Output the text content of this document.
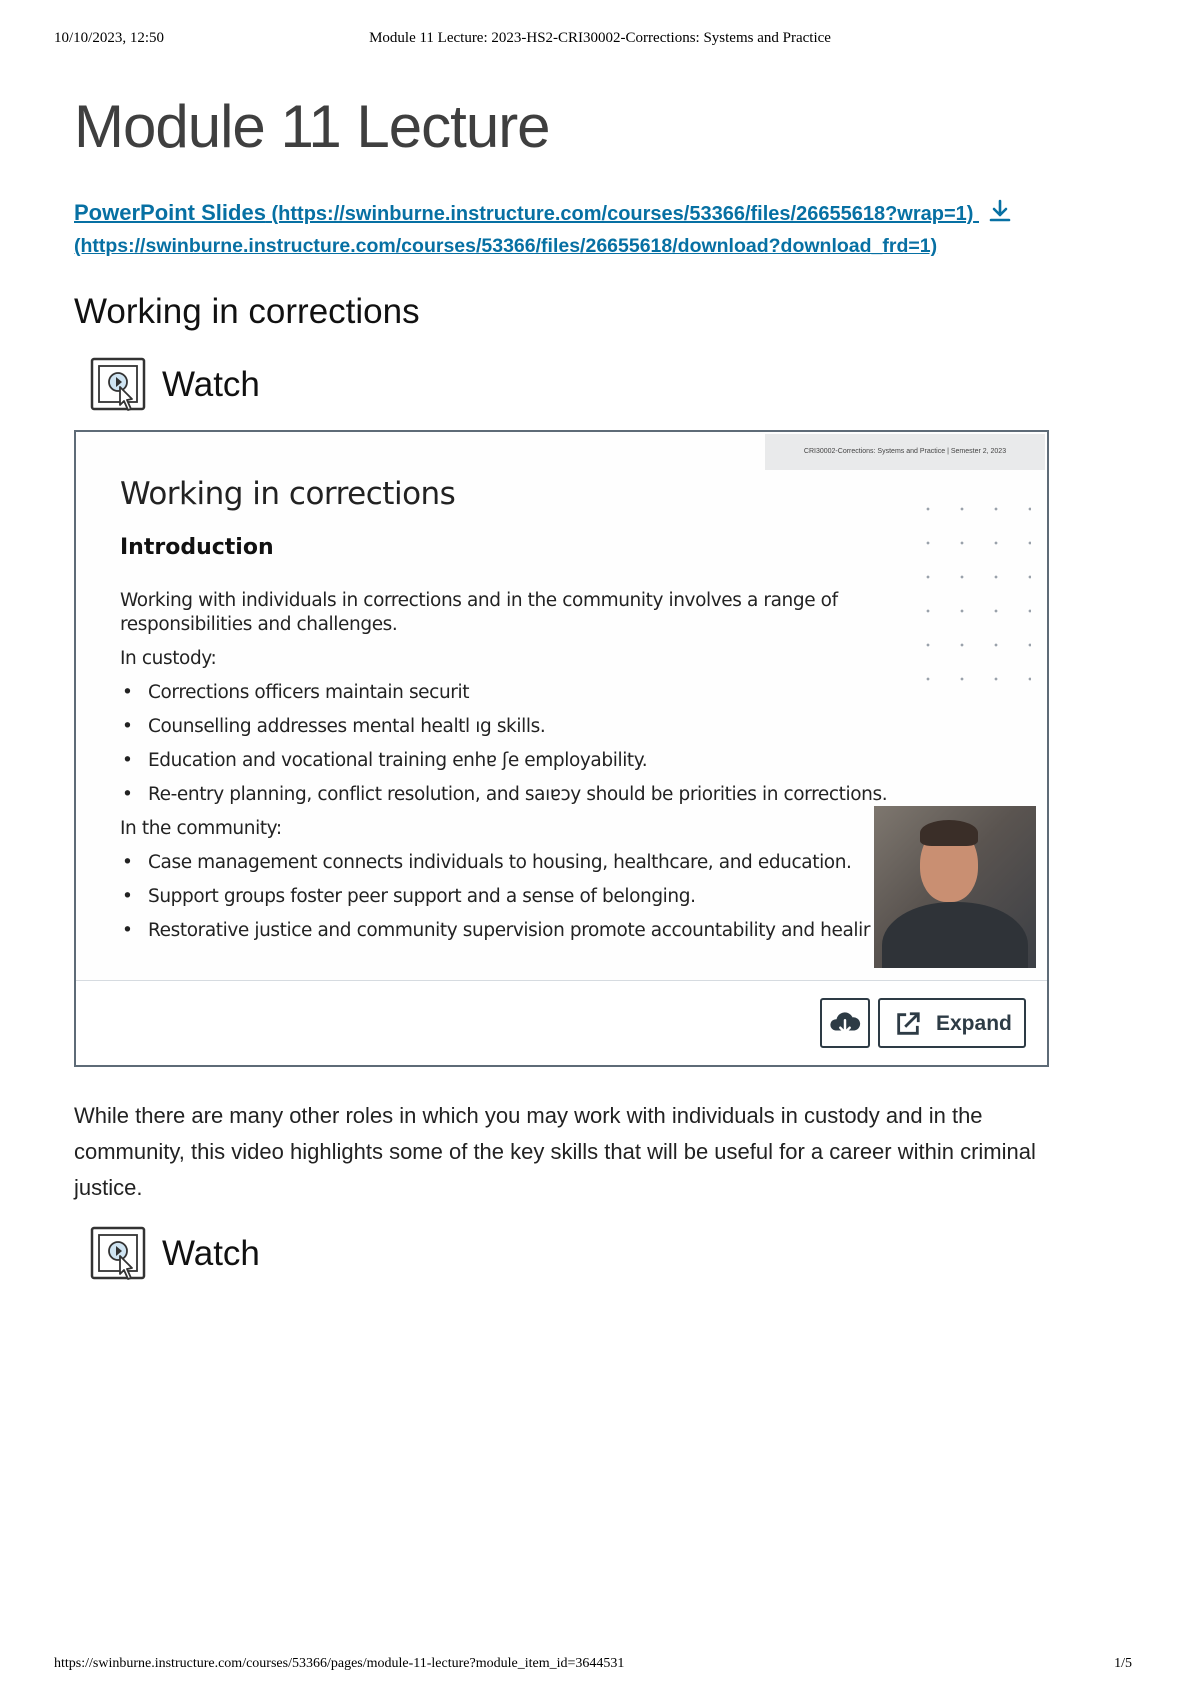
10/10/2023, 12:50	Module 11 Lecture: 2023-HS2-CRI30002-Corrections: Systems and Practice
Module 11 Lecture
PowerPoint Slides (https://swinburne.instructure.com/courses/53366/files/26655618?wrap=1)
(https://swinburne.instructure.com/courses/53366/files/26655618/download?download_frd=1)
Working in corrections
Watch
CRI30002-Corrections: Systems and Practice | Semester 2, 2023
Working in corrections
Introduction

Working with individuals in corrections and in the community involves a range of responsibilities and challenges.

In custody:

• Corrections officers maintain securit

• Counselling addresses mental healtl ıg skills.

• Education and vocational training enhɐ ʃe employability.

• Re-entry planning, conflict resolution, and saıɐɔy should be priorities in corrections.

In the community:

• Case management connects individuals to housing, healthcare, and education.

• Support groups foster peer support and a sense of belonging.

• Restorative justice and community supervision promote accountability and healir

Expand

While there are many other roles in which you may work with individuals in custody and in the community, this video highlights some of the key skills that will be useful for a career within criminal justice.

Watch
https://swinburne.instructure.com/courses/53366/pages/module-11-lecture?module_item_id=3644531	1/5
